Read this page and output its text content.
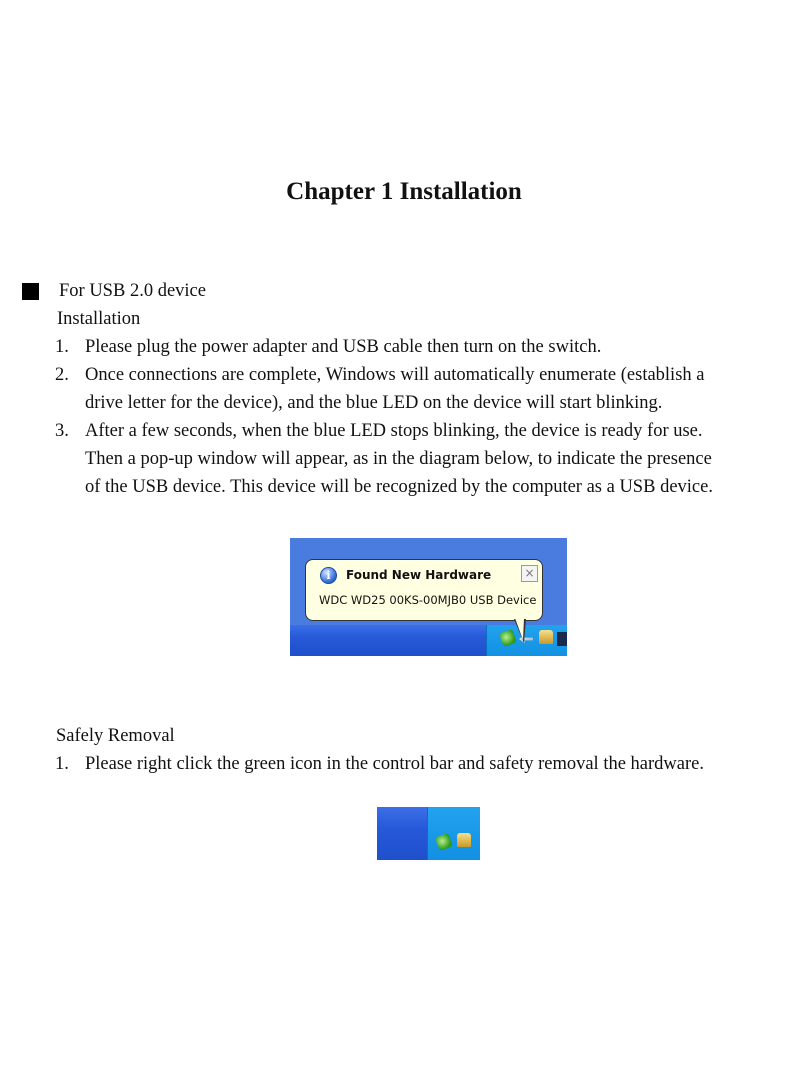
Chapter 1 Installation
For USB 2.0 device
Installation
1. Please plug the power adapter and USB cable then turn on the switch.
2. Once connections are complete, Windows will automatically enumerate (establish a
drive letter for the device), and the blue LED on the device will start blinking.
3. After a few seconds, when the blue LED stops blinking, the device is ready for use.
Then a pop-up window will appear, as in the diagram below, to indicate the presence
of the USB device. This device will be recognized by the computer as a USB device.
i	Found New Hardware	×
WDC WD25 00KS-00MJB0 USB Device
Safely Removal
1. Please right click the green icon in the control bar and safety removal the hardware.
